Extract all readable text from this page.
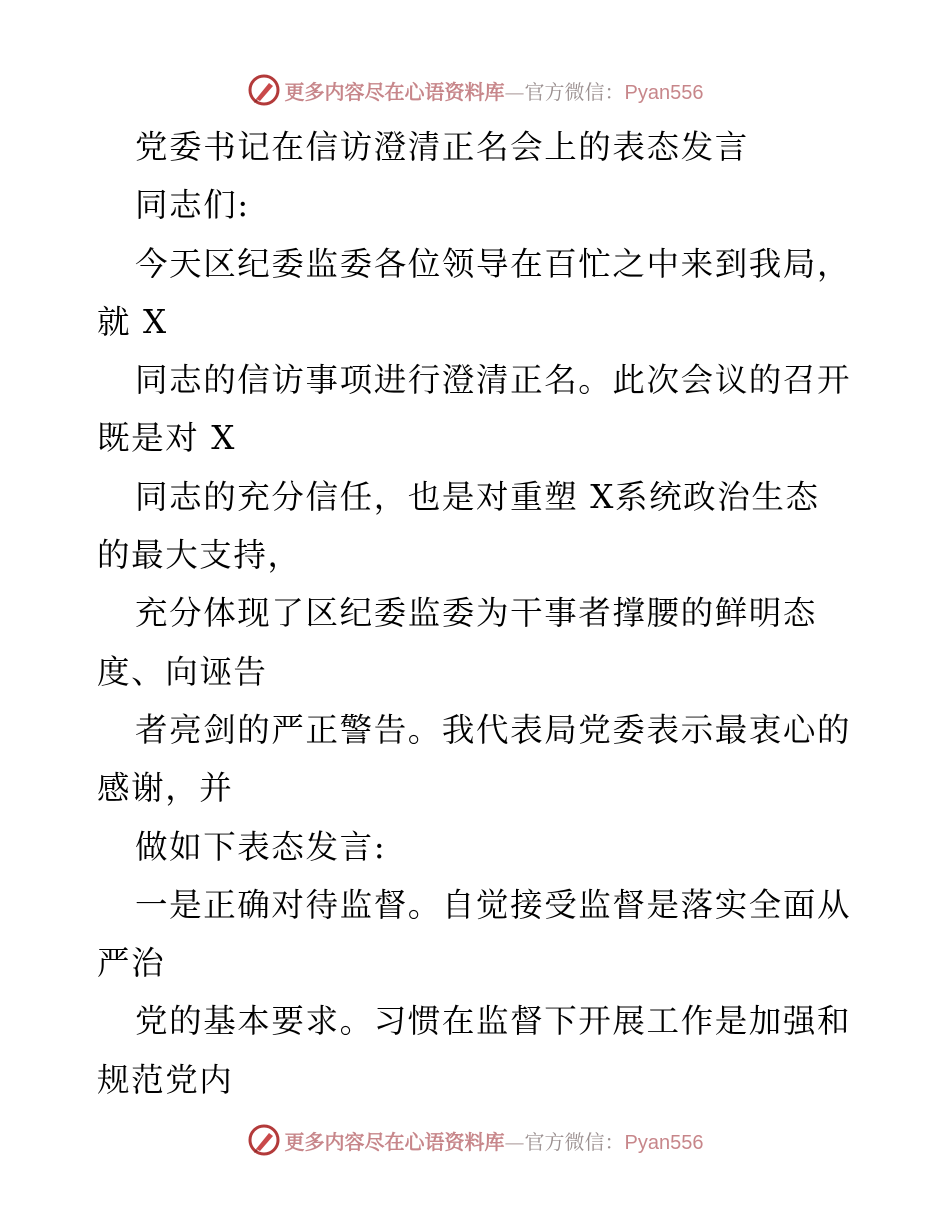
更多内容尽在心语资料库—官方微信：Pyan556
党委书记在信访澄清正名会上的表态发言
同志们:
今天区纪委监委各位领导在百忙之中来到我局，
就 X
同志的信访事项进行澄清正名。此次会议的召开
既是对 X
同志的充分信任，也是对重塑 X系统政治生态
的最大支持，
充分体现了区纪委监委为干事者撑腰的鲜明态
度、向诬告
者亮剑的严正警告。我代表局党委表示最衷心的
感谢，并
做如下表态发言:
一是正确对待监督。自觉接受监督是落实全面从
严治
党的基本要求。习惯在监督下开展工作是加强和
规范党内
更多内容尽在心语资料库—官方微信：Pyan556
